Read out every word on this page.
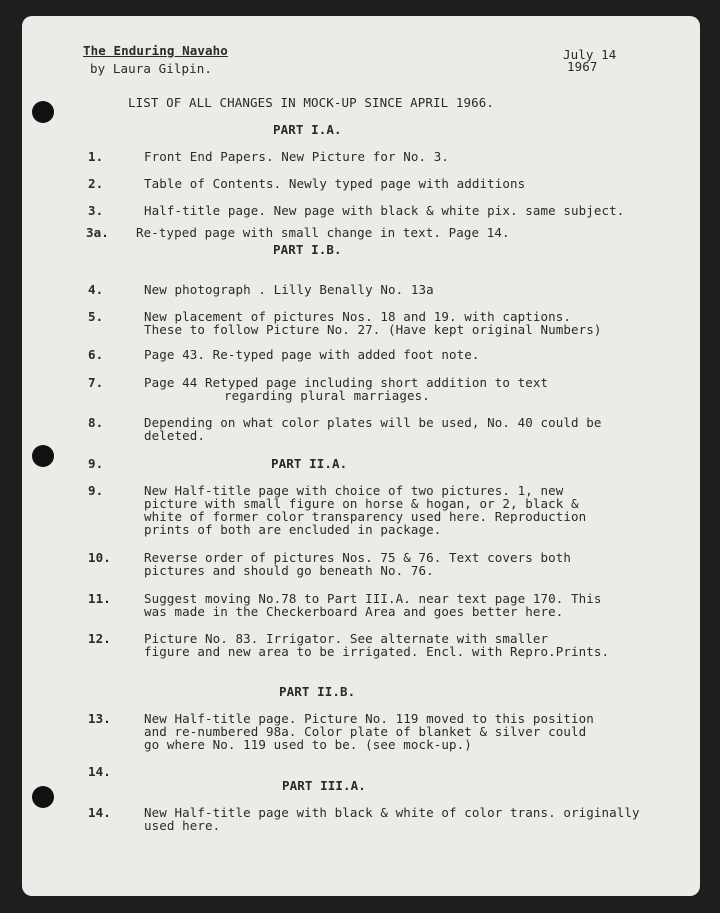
The Enduring Navaho
by Laura Gilpin.
July 14
1967
LIST OF ALL CHANGES IN MOCK-UP SINCE APRIL 1966.
PART I.A.
1.	Front End Papers. New Picture for No. 3.
2.	Table of Contents. Newly typed page with additions
3.	Half-title page. New page with black & white pix. same subject.
3a. Re-typed page with small change in text. Page 14.
PART I.B.
4.	New photograph . Lilly Benally No. 13a
5.	New placement of pictures Nos. 18 and 19. with captions.
These to follow Picture No. 27. (Have kept original Numbers)
6.	Page 43. Re-typed page with added foot note.
7.	Page 44 Retyped page including short addition to text
regarding plural marriages.
8.	Depending on what color plates will be used, No. 40 could be
deleted.
9.	PART II.A.
9.	New Half-title page with choice of two pictures. 1, new
picture with small figure on horse & hogan, or 2, black &
white of former color transparency used here. Reproduction
prints of both are encluded in package.
10.	Reverse order of pictures Nos. 75 & 76. Text covers both
pictures and should go beneath No. 76.
11.	Suggest moving No.78 to Part III.A. near text page 170. This
was made in the Checkerboard Area and goes better here.
12.	Picture No. 83. Irrigator. See alternate with smaller
figure and new area to be irrigated. Encl. with Repro.Prints.
PART II.B.
13.	New Half-title page. Picture No. 119 moved to this position
and re-numbered 98a. Color plate of blanket & silver could
go where No. 119 used to be. (see mock-up.)
14.
PART III.A.
14.	New Half-title page with black & white of color trans. originally
used here.
